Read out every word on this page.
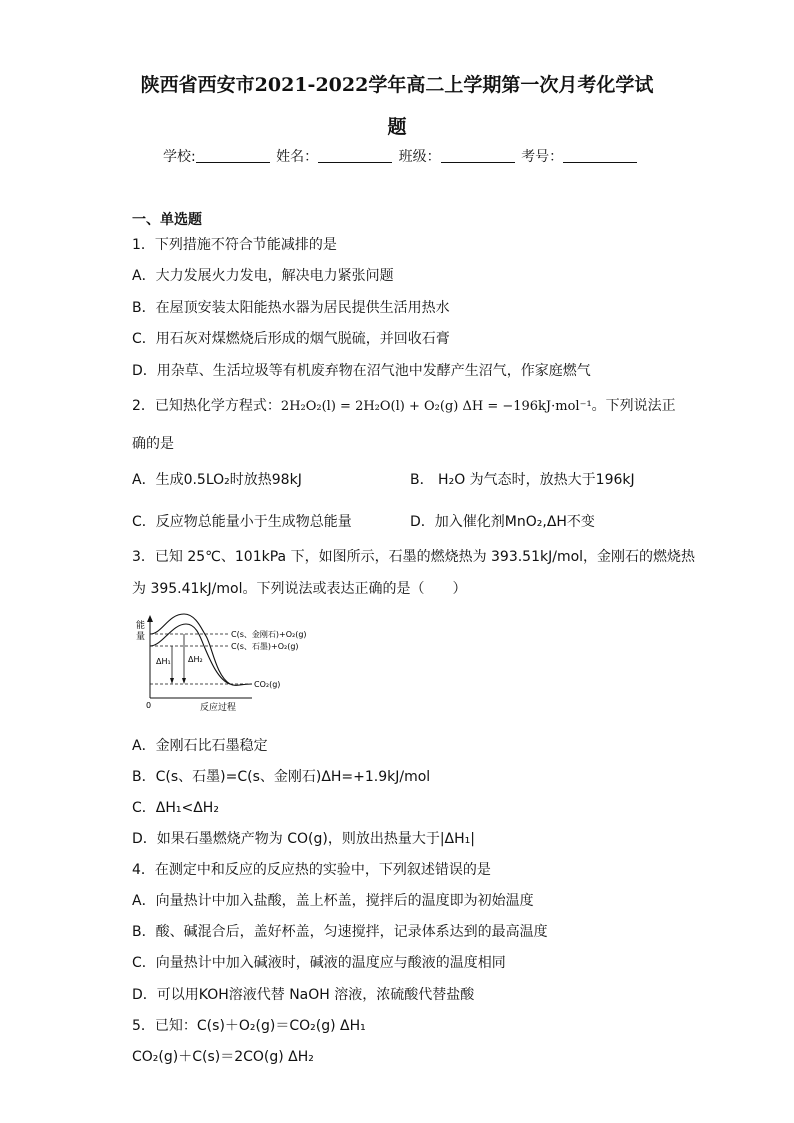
陕西省西安市2021-2022学年高二上学期第一次月考化学试
题
学校:	姓名：	班级：	考号：
一、单选题
1．下列措施不符合节能减排的是
A．大力发展火力发电，解决电力紧张问题
B．在屋顶安装太阳能热水器为居民提供生活用热水
C．用石灰对煤燃烧后形成的烟气脱硫，并回收石膏
D．用杂草、生活垃圾等有机废弃物在沼气池中发酵产生沼气，作家庭燃气
2．已知热化学方程式：2H₂O₂(l) = 2H₂O(l) + O₂(g) ΔH = −196kJ·mol⁻¹。下列说法正
确的是
A．生成0.5LO₂时放热98kJ	B． H₂O 为气态时，放热大于196kJ
C．反应物总能量小于生成物总能量	D．加入催化剂MnO₂,ΔH不变
3．已知 25℃、101kPa 下，如图所示，石墨的燃烧热为 393.51kJ/mol，金刚石的燃烧热
为 395.41kJ/mol。下列说法或表达正确的是（　　）
能
量
ΔH₁ ΔH₂
C(s、金刚石)+O₂(g)
C(s、石墨)+O₂(g)
CO₂(g)
0	反应过程
A．金刚石比石墨稳定
B．C(s、石墨)=C(s、金刚石)ΔH=+1.9kJ/mol
C．ΔH₁<ΔH₂
D．如果石墨燃烧产物为 CO(g)，则放出热量大于|ΔH₁|
4．在测定中和反应的反应热的实验中，下列叙述错误的是
A．向量热计中加入盐酸，盖上杯盖，搅拌后的温度即为初始温度
B．酸、碱混合后，盖好杯盖，匀速搅拌，记录体系达到的最高温度
C．向量热计中加入碱液时，碱液的温度应与酸液的温度相同
D．可以用KOH溶液代替 NaOH 溶液，浓硫酸代替盐酸
5．已知：C(s)＋O₂(g)＝CO₂(g) ΔH₁
CO₂(g)＋C(s)＝2CO(g) ΔH₂
